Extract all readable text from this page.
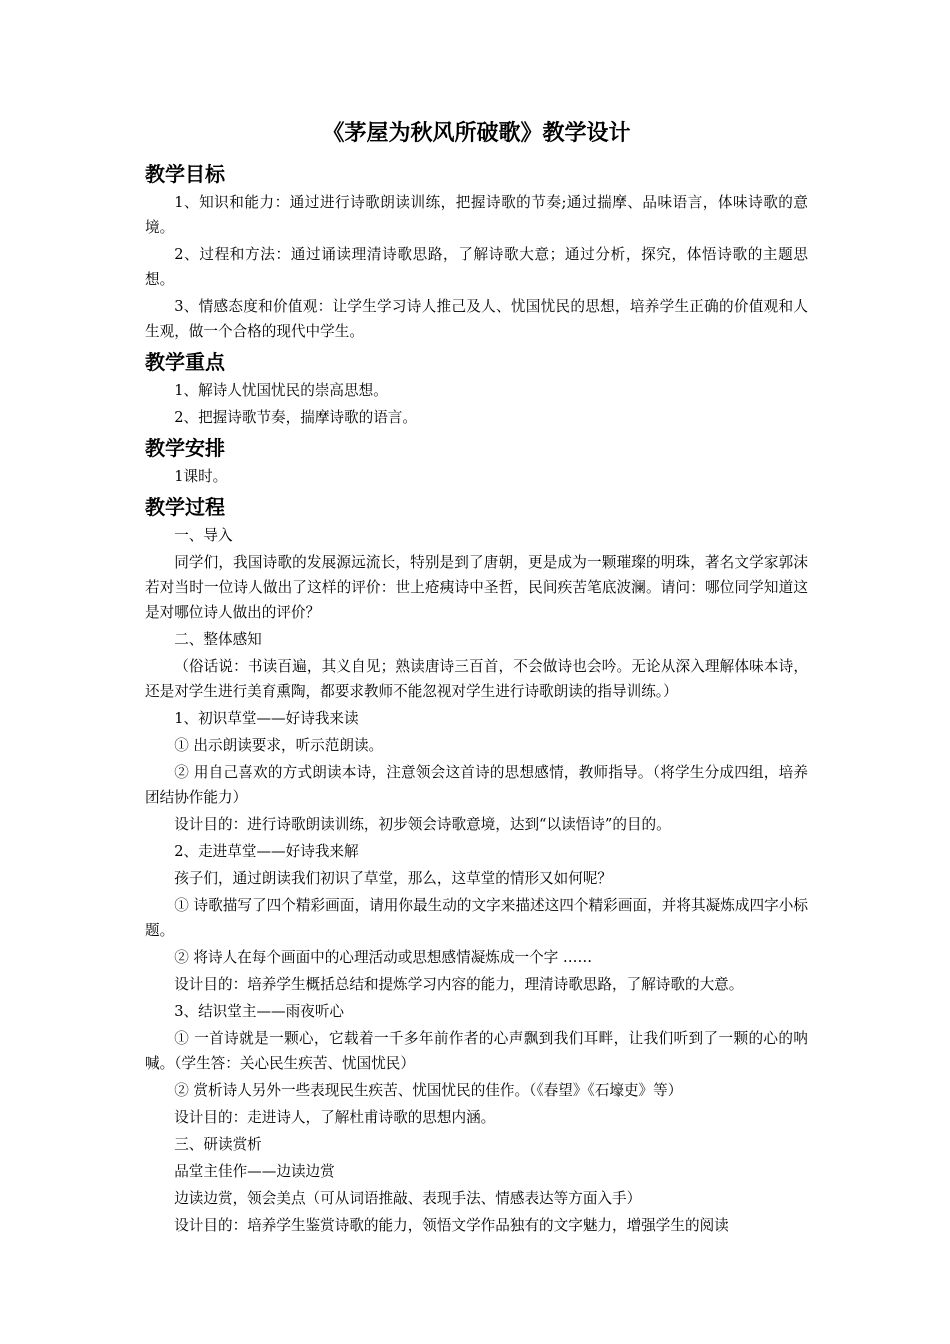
《茅屋为秋风所破歌》教学设计
教学目标

1、知识和能力：通过进行诗歌朗读训练，把握诗歌的节奏;通过揣摩、品味语言，体味诗歌的意境。

2、过程和方法：通过诵读理清诗歌思路，了解诗歌大意；通过分析，探究，体悟诗歌的主题思想。

3、情感态度和价值观：让学生学习诗人推己及人、忧国忧民的思想，培养学生正确的价值观和人生观，做一个合格的现代中学生。

教学重点

1、解诗人忧国忧民的崇高思想。

2、把握诗歌节奏，揣摩诗歌的语言。

教学安排

1课时。

教学过程

一、导入

同学们，我国诗歌的发展源远流长，特别是到了唐朝，更是成为一颗璀璨的明珠，著名文学家郭沫若对当时一位诗人做出了这样的评价：世上疮痍诗中圣哲，民间疾苦笔底波澜。请问：哪位同学知道这是对哪位诗人做出的评价？

二、整体感知

（俗话说：书读百遍，其义自见；熟读唐诗三百首，不会做诗也会吟。无论从深入理解体味本诗，还是对学生进行美育熏陶，都要求教师不能忽视对学生进行诗歌朗读的指导训练。）

1、初识草堂——好诗我来读

① 出示朗读要求，听示范朗读。

② 用自己喜欢的方式朗读本诗，注意领会这首诗的思想感情，教师指导。（将学生分成四组，培养团结协作能力）

设计目的：进行诗歌朗读训练，初步领会诗歌意境，达到“以读悟诗”的目的。

2、走进草堂——好诗我来解

孩子们，通过朗读我们初识了草堂，那么，这草堂的情形又如何呢？

① 诗歌描写了四个精彩画面，请用你最生动的文字来描述这四个精彩画面，并将其凝炼成四字小标题。

② 将诗人在每个画面中的心理活动或思想感情凝炼成一个字 ……

设计目的：培养学生概括总结和提炼学习内容的能力，理清诗歌思路，了解诗歌的大意。

3、结识堂主——雨夜听心

① 一首诗就是一颗心，它载着一千多年前作者的心声飘到我们耳畔，让我们听到了一颗的心的呐喊。（学生答：关心民生疾苦、忧国忧民）

② 赏析诗人另外一些表现民生疾苦、忧国忧民的佳作。（《春望》《石壕吏》等）

设计目的：走进诗人，了解杜甫诗歌的思想内涵。

三、研读赏析

品堂主佳作——边读边赏

边读边赏，领会美点（可从词语推敲、表现手法、情感表达等方面入手）

设计目的：培养学生鉴赏诗歌的能力，领悟文学作品独有的文字魅力，增强学生的阅读
